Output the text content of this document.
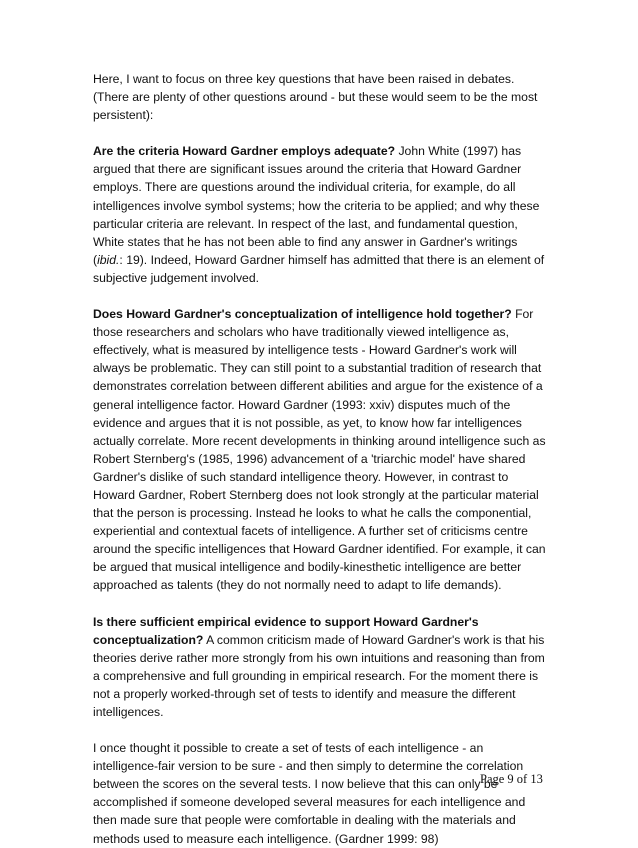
Here, I want to focus on three key questions that have been raised in debates. (There are plenty of other questions around - but these would seem to be the most persistent):

Are the criteria Howard Gardner employs adequate? John White (1997) has argued that there are significant issues around the criteria that Howard Gardner employs. There are questions around the individual criteria, for example, do all intelligences involve symbol systems; how the criteria to be applied; and why these particular criteria are relevant. In respect of the last, and fundamental question, White states that he has not been able to find any answer in Gardner's writings (ibid.: 19). Indeed, Howard Gardner himself has admitted that there is an element of subjective judgement involved.

Does Howard Gardner's conceptualization of intelligence hold together? For those researchers and scholars who have traditionally viewed intelligence as, effectively, what is measured by intelligence tests - Howard Gardner's work will always be problematic. They can still point to a substantial tradition of research that demonstrates correlation between different abilities and argue for the existence of a general intelligence factor. Howard Gardner (1993: xxiv) disputes much of the evidence and argues that it is not possible, as yet, to know how far intelligences actually correlate. More recent developments in thinking around intelligence such as Robert Sternberg's (1985, 1996) advancement of a 'triarchic model' have shared Gardner's dislike of such standard intelligence theory. However, in contrast to Howard Gardner, Robert Sternberg does not look strongly at the particular material that the person is processing. Instead he looks to what he calls the componential, experiential and contextual facets of intelligence. A further set of criticisms centre around the specific intelligences that Howard Gardner identified. For example, it can be argued that musical intelligence and bodily-kinesthetic intelligence are better approached as talents (they do not normally need to adapt to life demands).

Is there sufficient empirical evidence to support Howard Gardner's conceptualization? A common criticism made of Howard Gardner's work is that his theories derive rather more strongly from his own intuitions and reasoning than from a comprehensive and full grounding in empirical research. For the moment there is not a properly worked-through set of tests to identify and measure the different intelligences.

I once thought it possible to create a set of tests of each intelligence - an intelligence-fair version to be sure - and then simply to determine the correlation between the scores on the several tests. I now believe that this can only be accomplished if someone developed several measures for each intelligence and then made sure that people were comfortable in dealing with the materials and methods used to measure each intelligence. (Gardner 1999: 98)

Page 9 of 13
